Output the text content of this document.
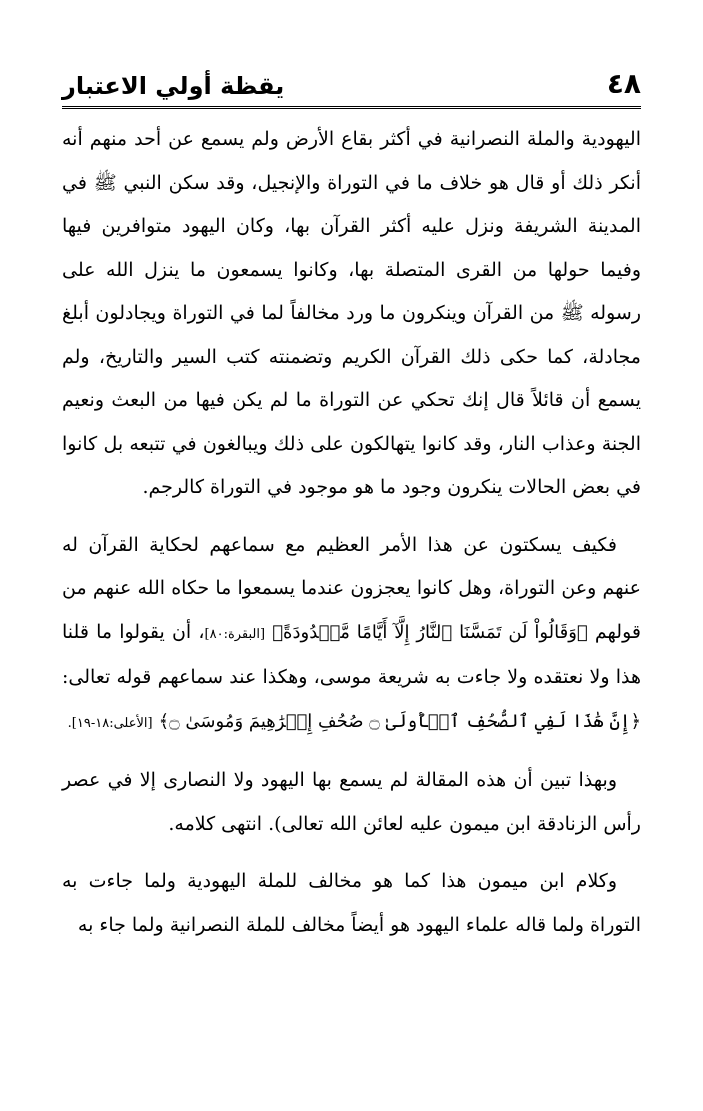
يقظة أولي الاعتبار	٤٨

اليهودية والملة النصرانية في أكثر بقاع الأرض ولم يسمع عن أحد منهم أنه أنكر ذلك أو قال هو خلاف ما في التوراة والإنجيل، وقد سكن النبي ﷺ في المدينة الشريفة ونزل عليه أكثر القرآن بها، وكان اليهود متوافرين فيها وفيما حولها من القرى المتصلة بها، وكانوا يسمعون ما ينزل الله على رسوله ﷺ من القرآن وينكرون ما ورد مخالفاً لما في التوراة ويجادلون أبلغ مجادلة، كما حكى ذلك القرآن الكريم وتضمنته كتب السير والتاريخ، ولم يسمع أن قائلاً قال إنك تحكي عن التوراة ما لم يكن فيها من البعث ونعيم الجنة وعذاب النار، وقد كانوا يتهالكون على ذلك ويبالغون في تتبعه بل كانوا في بعض الحالات ينكرون وجود ما هو موجود في التوراة كالرجم.

فكيف يسكتون عن هذا الأمر العظيم مع سماعهم لحكاية القرآن له عنهم وعن التوراة، وهل كانوا يعجزون عندما يسمعوا ما حكاه الله عنهم من قولهم ﴿وَقَالُواْ لَن تَمَسَّنَا ٱلنَّارُ إِلَّآ أَيَّامًا مَّعۡدُودَةً﴾ [البقرة:٨٠]، أن يقولوا ما قلنا هذا ولا نعتقده ولا جاءت به شريعة موسى، وهكذا عند سماعهم قوله تعالى: ﴿إِنَّ هَٰذَا لَفِي ٱلصُّحُفِ ٱلۡأُولَىٰ ۝ صُحُفِ إِبۡرَٰهِيمَ وَمُوسَىٰ ۝﴾ [الأعلى:١٨-١٩].

وبهذا تبين أن هذه المقالة لم يسمع بها اليهود ولا النصارى إلا في عصر رأس الزنادقة ابن ميمون عليه لعائن الله تعالى). انتهى كلامه.

وكلام ابن ميمون هذا كما هو مخالف للملة اليهودية ولما جاءت به التوراة ولما قاله علماء اليهود هو أيضاً مخالف للملة النصرانية ولما جاء به
